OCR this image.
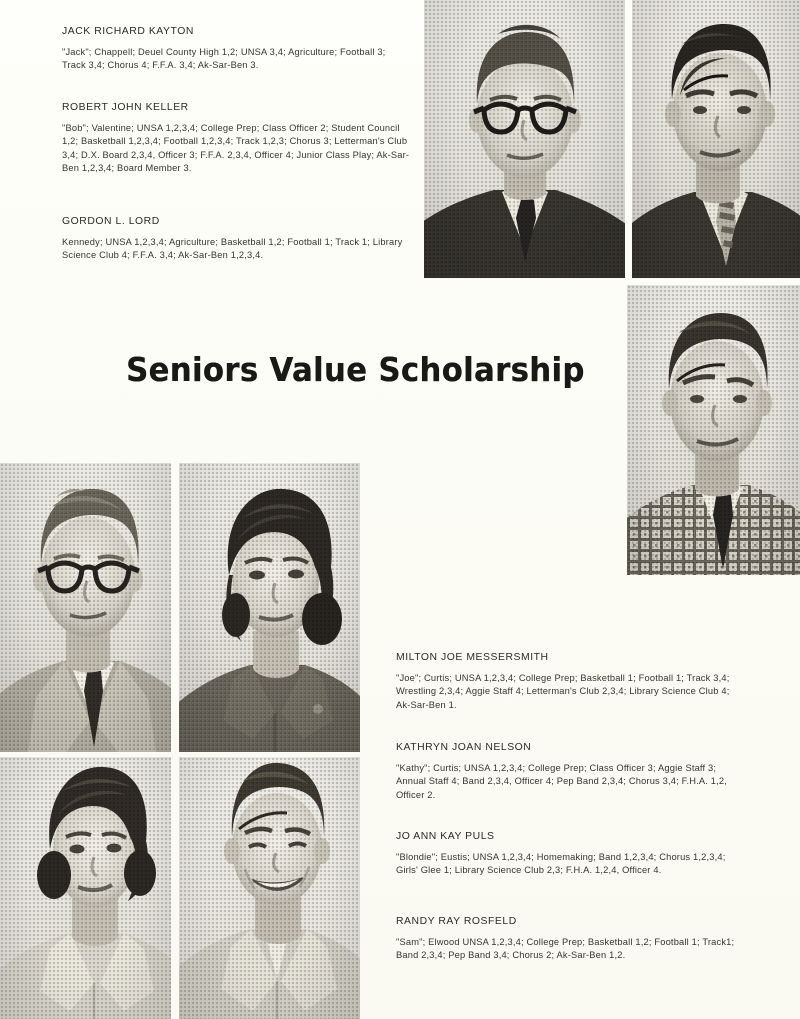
JACK RICHARD KAYTON
"Jack"; Chappell; Deuel County High 1,2; UNSA 3,4; Agriculture; Football 3; Track 3,4; Chorus 4; F.F.A. 3,4; Ak-Sar-Ben 3.
ROBERT JOHN KELLER
"Bob"; Valentine; UNSA 1,2,3,4; College Prep; Class Officer 2; Student Council 1,2; Basketball 1,2,3,4; Football 1,2,3,4; Track 1,2,3; Chorus 3; Letterman's Club 3,4; D.X. Board 2,3,4, Officer 3; F.F.A. 2,3,4, Officer 4; Junior Class Play; Ak-Sar-Ben 1,2,3,4; Board Member 3.
GORDON L. LORD
Kennedy; UNSA 1,2,3,4; Agriculture; Basketball 1,2; Football 1; Track 1; Library Science Club 4; F.F.A. 3,4; Ak-Sar-Ben 1,2,3,4.
Seniors Value Scholarship
MILTON JOE MESSERSMITH
"Joe"; Curtis; UNSA 1,2,3,4; College Prep; Basketball 1; Football 1; Track 3,4; Wrestling 2,3,4; Aggie Staff 4; Letterman's Club 2,3,4; Library Science Club 4; Ak-Sar-Ben 1.
KATHRYN JOAN NELSON
"Kathy"; Curtis; UNSA 1,2,3,4; College Prep; Class Officer 3; Aggie Staff 3; Annual Staff 4; Band 2,3,4, Officer 4; Pep Band 2,3,4; Chorus 3,4; F.H.A. 1,2, Officer 2.
JO ANN KAY PULS
"Blondie"; Eustis; UNSA 1,2,3,4; Homemaking; Band 1,2,3,4; Chorus 1,2,3,4; Girls' Glee 1; Library Science Club 2,3; F.H.A. 1,2,4, Officer 4.
RANDY RAY ROSFELD
"Sam"; Elwood UNSA 1,2,3,4; College Prep; Basketball 1,2; Football 1; Track1; Band 2,3,4; Pep Band 3,4; Chorus 2; Ak-Sar-Ben 1,2.
